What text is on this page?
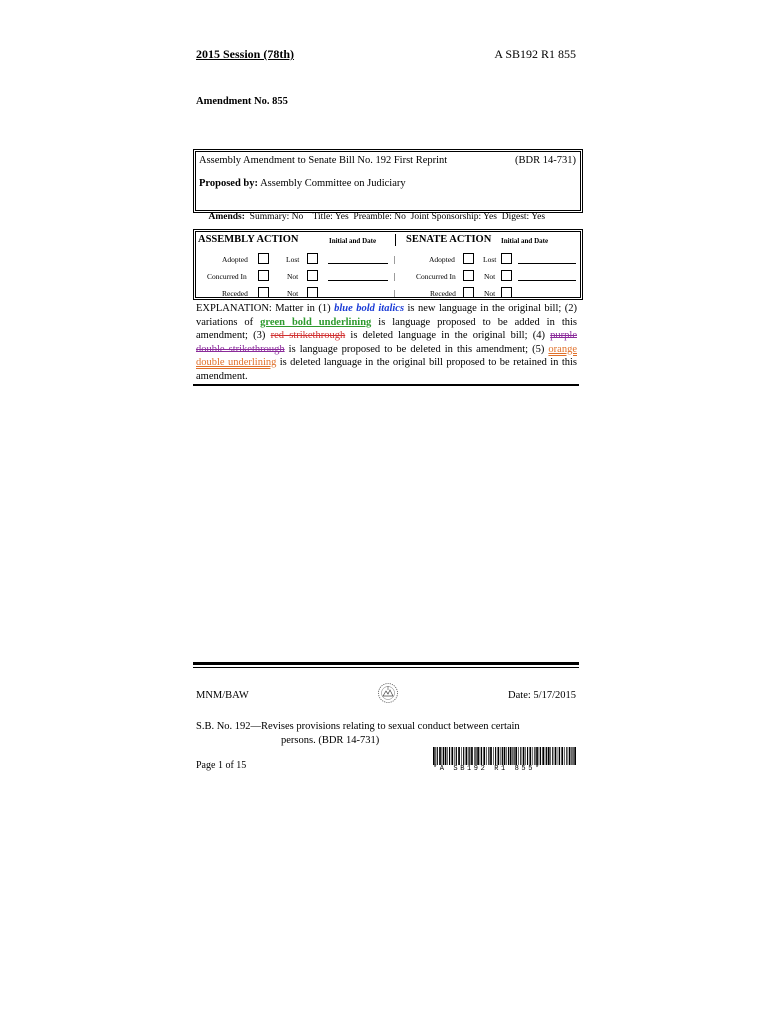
2015 Session (78th)	A SB192 R1 855
Amendment No. 855
Assembly Amendment to Senate Bill No. 192 First Reprint	(BDR 14-731)
Proposed by: Assembly Committee on Judiciary

Amends: Summary: No    Title: Yes  Preamble: No  Joint Sponsorship: Yes  Digest: Yes

ASSEMBLY ACTION	Initial and Date	SENATE ACTION Initial and Date
Adopted	Lost	|	Adopted	Lost
Concurred In	Not	|	Concurred In	Not
Receded	Not	|	Receded	Not
EXPLANATION: Matter in (1) blue bold italics is new language in the original bill; (2) variations of green bold underlining is language proposed to be added in this amendment; (3) red strikethrough is deleted language in the original bill; (4) purple double strikethrough is language proposed to be deleted in this amendment; (5) orange double underlining is deleted language in the original bill proposed to be retained in this amendment.
MNM/BAW	Date: 5/17/2015
S.B. No. 192—Revises provisions relating to sexual conduct between certain
persons. (BDR 14-731)
Page 1 of 15	*A SB192 R1 855*
